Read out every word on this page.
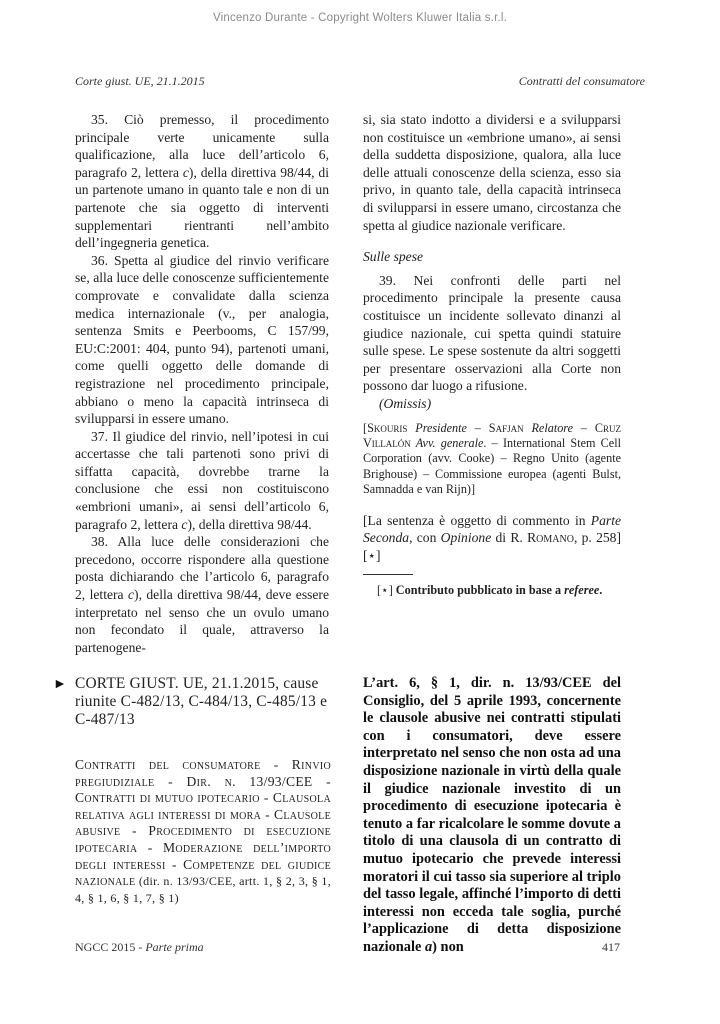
Vincenzo Durante - Copyright Wolters Kluwer Italia s.r.l.
Corte giust. UE, 21.1.2015	Contratti del consumatore

35. Ciò premesso, il procedimento principale verte unicamente sulla qualificazione, alla luce dell’articolo 6, paragrafo 2, lettera c), della direttiva 98/44, di un partenote umano in quanto tale e non di un partenote che sia oggetto di interventi supplementari rientranti nell’ambito dell’ingegneria genetica.

36. Spetta al giudice del rinvio verificare se, alla luce delle conoscenze sufficientemente comprovate e convalidate dalla scienza medica internazionale (v., per analogia, sentenza Smits e Peerbooms, C 157/99, EU:C:2001: 404, punto 94), partenoti umani, come quelli oggetto delle domande di registrazione nel procedimento principale, abbiano o meno la capacità intrinseca di svilupparsi in essere umano.

37. Il giudice del rinvio, nell’ipotesi in cui accertasse che tali partenoti sono privi di siffatta capacità, dovrebbe trarne la conclusione che essi non costituiscono «embrioni umani», ai sensi dell’articolo 6, paragrafo 2, lettera c), della direttiva 98/44.

38. Alla luce delle considerazioni che precedono, occorre rispondere alla questione posta dichiarando che l’articolo 6, paragrafo 2, lettera c), della direttiva 98/44, deve essere interpretato nel senso che un ovulo umano non fecondato il quale, attraverso la partenogene-

si, sia stato indotto a dividersi e a svilupparsi non costituisce un «embrione umano», ai sensi della suddetta disposizione, qualora, alla luce delle attuali conoscenze della scienza, esso sia privo, in quanto tale, della capacità intrinseca di svilupparsi in essere umano, circostanza che spetta al giudice nazionale verificare.

Sulle spese

39. Nei confronti delle parti nel procedimento principale la presente causa costituisce un incidente sollevato dinanzi al giudice nazionale, cui spetta quindi statuire sulle spese. Le spese sostenute da altri soggetti per presentare osservazioni alla Corte non possono dar luogo a rifusione.

(Omissis)

[Skouris Presidente – Safjan Relatore – Cruz Villalón Avv. generale. – International Stem Cell Corporation (avv. Cooke) – Regno Unito (agente Brighouse) – Commissione europea (agenti Bulst, Samnadda e van Rijn)]

[La sentenza è oggetto di commento in Parte Seconda, con Opinione di R. Romano, p. 258] [⋆]

[⋆] Contributo pubblicato in base a referee.

► CORTE GIUST. UE, 21.1.2015, cause riunite C-482/13, C-484/13, C-485/13 e C-487/13
Contratti del consumatore - Rinvio pregiudiziale - Dir. n. 13/93/CEE - Contratti di mutuo ipotecario - Clausola relativa agli interessi di mora - Clausole abusive - Procedimento di esecuzione ipotecaria - Moderazione dell’importo degli interessi - Competenze del giudice nazionale (dir. n. 13/93/CEE, artt. 1, § 2, 3, § 1, 4, § 1, 6, § 1, 7, § 1)
L’art. 6, § 1, dir. n. 13/93/CEE del Consiglio, del 5 aprile 1993, concernente le clausole abusive nei contratti stipulati con i consumatori, deve essere interpretato nel senso che non osta ad una disposizione nazionale in virtù della quale il giudice nazionale investito di un procedimento di esecuzione ipotecaria è tenuto a far ricalcolare le somme dovute a titolo di una clausola di un contratto di mutuo ipotecario che prevede interessi moratori il cui tasso sia superiore al triplo del tasso legale, affinché l’importo di detti interessi non ecceda tale soglia, purché l’applicazione di detta disposizione nazionale a) non
NGCC 2015 - Parte prima	417
